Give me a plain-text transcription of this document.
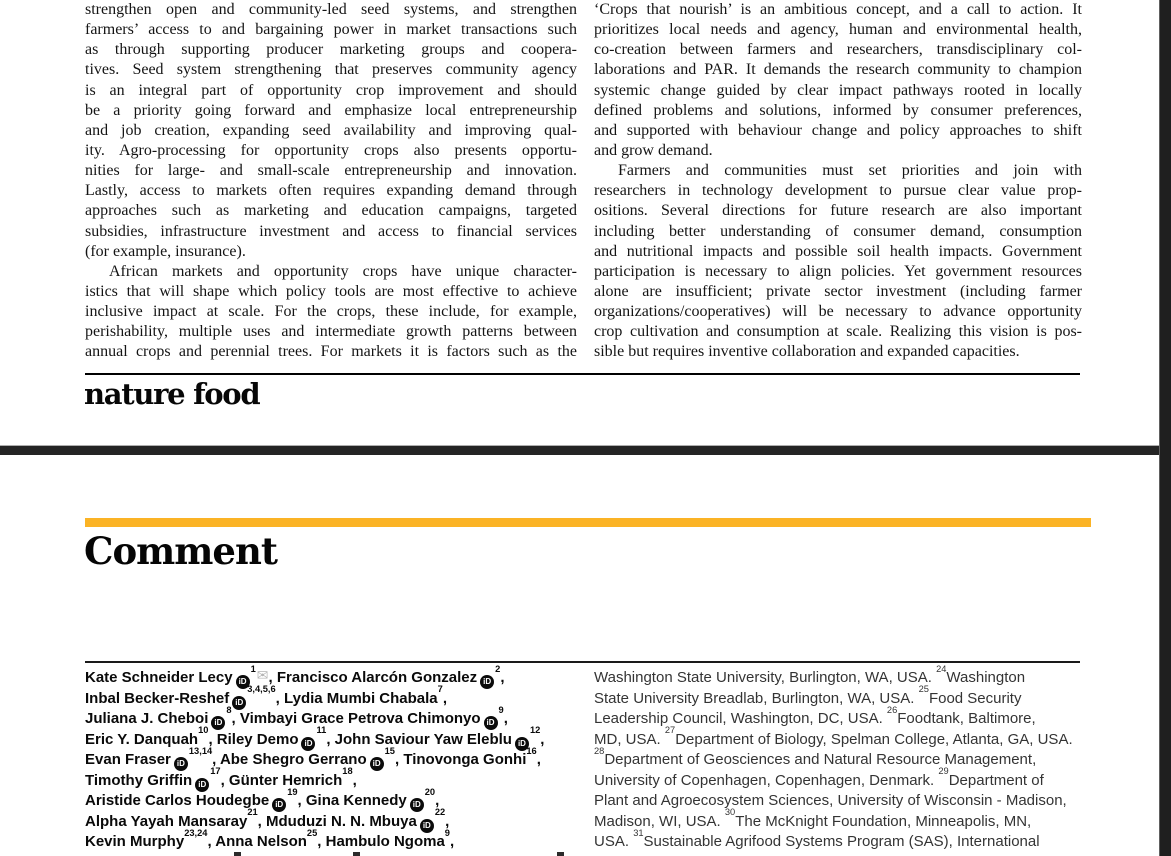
strengthen open and community-led seed systems, and strengthen
farmers’ access to and bargaining power in market transactions such
as through supporting producer marketing groups and coopera-
tives. Seed system strengthening that preserves community agency
is an integral part of opportunity crop improvement and should
be a priority going forward and emphasize local entrepreneurship
and job creation, expanding seed availability and improving qual-
ity. Agro-processing for opportunity crops also presents opportu-
nities for large- and small-scale entrepreneurship and innovation.
Lastly, access to markets often requires expanding demand through
approaches such as marketing and education campaigns, targeted
subsidies, infrastructure investment and access to financial services
(for example, insurance).
African markets and opportunity crops have unique character-
istics that will shape which policy tools are most effective to achieve
inclusive impact at scale. For the crops, these include, for example,
perishability, multiple uses and intermediate growth patterns between
annual crops and perennial trees. For markets it is factors such as the
‘Crops that nourish’ is an ambitious concept, and a call to action. It
prioritizes local needs and agency, human and environmental health,
co-creation between farmers and researchers, transdisciplinary col-
laborations and PAR. It demands the research community to champion
systemic change guided by clear impact pathways rooted in locally
defined problems and solutions, informed by consumer preferences,
and supported with behaviour change and policy approaches to shift
and grow demand.
Farmers and communities must set priorities and join with
researchers in technology development to pursue clear value prop-
ositions. Several directions for future research are also important
including better understanding of consumer demand, consumption
and nutritional impacts and possible soil health impacts. Government
participation is necessary to align policies. Yet government resources
alone are insufficient; private sector investment (including farmer
organizations/cooperatives) will be necessary to advance opportunity
crop cultivation and consumption at scale. Realizing this vision is pos-
sible but requires inventive collaboration and expanded capacities.
nature food
Comment
Kate Schneider Lecy $iD^1✉$, Francisco Alarcón Gonzalez $iD^2$,
Inbal Becker-Reshef iD$^{3,4,5,6}$, Lydia Mumbi Chabala$^7$,
Juliana J. Cheboi $iD^8$, Vimbayi Grace Petrova Chimonyo $iD^9$,
Eric Y. Danquah$^{10}$, Riley Demo $iD^{11}$, John Saviour Yaw Eleblu $iD^{12}$,
Evan Fraser iD$^{13,14}$, Abe Shegro Gerrano $iD^{15}$, Tinovonga Gonhi$^{16}$,
Timothy Griffin $iD^{17}$, Günter Hemrich$^{18}$,
Aristide Carlos Houdegbe $iD^{19}$, Gina Kennedy $iD^{20}$,
Alpha Yayah Mansaray$^{21}$, Mduduzi N. N. Mbuya $iD^{22}$,
Kevin Murphy$^{23,24}$, Anna Nelson$^{25}$, Hambulo Ngoma$^9$,
Washington State University, Burlington, WA, USA. $^{24}$Washington
State University Breadlab, Burlington, WA, USA. $^{25}$Food Security
Leadership Council, Washington, DC, USA. $^{26}$Foodtank, Baltimore,
MD, USA. $^{27}$Department of Biology, Spelman College, Atlanta, GA, USA.
$^{28}$Department of Geosciences and Natural Resource Management,
University of Copenhagen, Copenhagen, Denmark. $^{29}$Department of
Plant and Agroecosystem Sciences, University of Wisconsin - Madison,
Madison, WI, USA. $^{30}$The McKnight Foundation, Minneapolis, MN,
USA. $^{31}$Sustainable Agrifood Systems Program (SAS), International
